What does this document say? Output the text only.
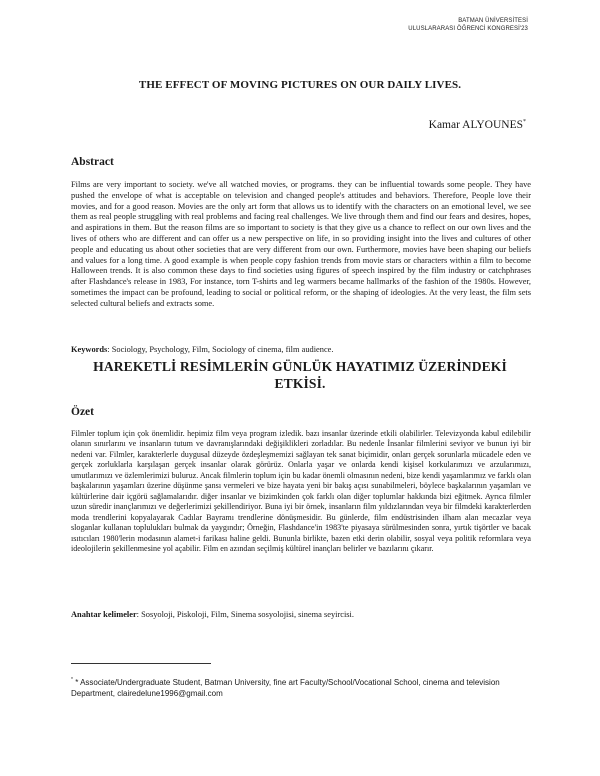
BATMAN ÜNİVERSİTESİ
ULUSLARARASI ÖĞRENCİ KONGRESİ'23
THE EFFECT OF MOVING PICTURES ON OUR DAILY LIVES.
Kamar ALYOUNES*
Abstract

Films are very important to society. we've all watched movies, or programs. they can be influential towards some people. They have pushed the envelope of what is acceptable on television and changed people's attitudes and behaviors. Therefore, People love their movies, and for a good reason. Movies are the only art form that allows us to identify with the characters on an emotional level, we see them as real people struggling with real problems and facing real challenges. We live through them and find our fears and desires, hopes, and aspirations in them. But the reason films are so important to society is that they give us a chance to reflect on our own lives and the lives of others who are different and can offer us a new perspective on life, in so providing insight into the lives and cultures of other people and educating us about other societies that are very different from our own. Furthermore, movies have been shaping our beliefs and values for a long time. A good example is when people copy fashion trends from movie stars or characters within a film to become Halloween trends. It is also common these days to find societies using figures of speech inspired by the film industry or catchphrases after Flashdance's release in 1983, For instance, torn T-shirts and leg warmers became hallmarks of the fashion of the 1980s. However, sometimes the impact can be profound, leading to social or political reform, or the shaping of ideologies. At the very least, the film sets selected cultural beliefs and extracts some.

Keywords: Sociology, Psychology, Film, Sociology of cinema, film audience.
HAREKETLİ RESİMLERİN GÜNLÜK HAYATIMIZ ÜZERİNDEKİ ETKİSİ.
Özet

Filmler toplum için çok önemlidir. hepimiz film veya program izledik. bazı insanlar üzerinde etkili olabilirler. Televizyonda kabul edilebilir olanın sınırlarını ve insanların tutum ve davranışlarındaki değişiklikleri zorladılar. Bu nedenle İnsanlar filmlerini seviyor ve bunun iyi bir nedeni var. Filmler, karakterlerle duygusal düzeyde özdeşleşmemizi sağlayan tek sanat biçimidir, onları gerçek sorunlarla mücadele eden ve gerçek zorluklarla karşılaşan gerçek insanlar olarak görürüz. Onlarla yaşar ve onlarda kendi kişisel korkularımızı ve arzularımızı, umutlarımızı ve özlemlerimizi buluruz. Ancak filmlerin toplum için bu kadar önemli olmasının nedeni, bize kendi yaşamlarımız ve farklı olan başkalarının yaşamları üzerine düşünme şansı vermeleri ve bize hayata yeni bir bakış açısı sunabilmeleri, böylece başkalarının yaşamları ve kültürlerine dair içgörü sağlamalarıdır. diğer insanlar ve bizimkinden çok farklı olan diğer toplumlar hakkında bizi eğitmek. Ayrıca filmler uzun süredir inançlarımızı ve değerlerimizi şekillendiriyor. Buna iyi bir örnek, insanların film yıldızlarından veya bir filmdeki karakterlerden moda trendlerini kopyalayarak Cadılar Bayramı trendlerine dönüşmesidir. Bu günlerde, film endüstrisinden ilham alan mecazlar veya sloganlar kullanan toplulukları bulmak da yaygındır; Örneğin, Flashdance'in 1983'te piyasaya sürülmesinden sonra, yırtık tişörtler ve bacak ısıtıcıları 1980'lerin modasının alamet-i farikası haline geldi. Bununla birlikte, bazen etki derin olabilir, sosyal veya politik reformlara veya ideolojilerin şekillenmesine yol açabilir. Film en azından seçilmiş kültürel inançları belirler ve bazılarını çıkarır.

Anahtar kelimeler: Sosyoloji, Piskoloji, Film, Sinema sosyolojisi, sinema seyircisi.
* * Associate/Undergraduate Student, Batman University, fine art Faculty/School/Vocational School, cinema and television Department, clairedelune1996@gmail.com
